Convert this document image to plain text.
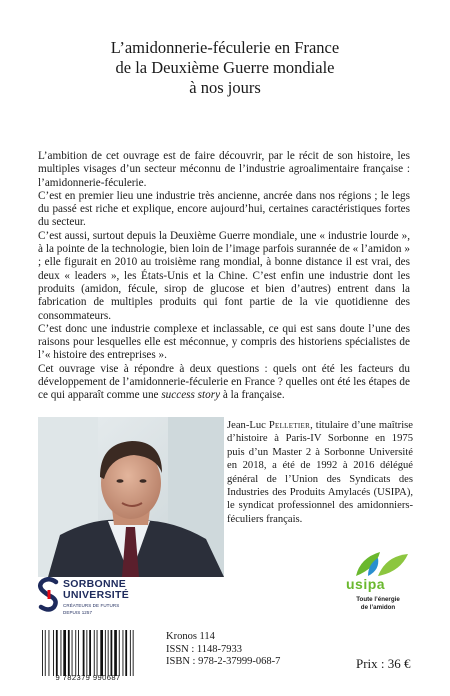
L’amidonnerie-féculerie en France
de la Deuxième Guerre mondiale
à nos jours

L’ambition de cet ouvrage est de faire découvrir, par le récit de son histoire, les multiples visages d’un secteur méconnu de l’industrie agroalimentaire française : l’amidonnerie-féculerie.

C’est en premier lieu une industrie très ancienne, ancrée dans nos régions ; le legs du passé est riche et explique, encore aujourd’hui, certaines caractéristiques fortes du secteur.

C’est aussi, surtout depuis la Deuxième Guerre mondiale, une « industrie lourde », à la pointe de la technologie, bien loin de l’image parfois surannée de « l’amidon » ; elle figurait en 2010 au troisième rang mondial, à bonne distance il est vrai, des deux « leaders », les États-Unis et la Chine. C’est enfin une industrie dont les produits (amidon, fécule, sirop de glucose et bien d’autres) entrent dans la fabrication de multiples produits qui font partie de la vie quotidienne des consommateurs.

C’est donc une industrie complexe et inclassable, ce qui est sans doute l’une des raisons pour lesquelles elle est méconnue, y compris des historiens spécialistes de l’« histoire des entreprises ».

Cet ouvrage vise à répondre à deux questions : quels ont été les facteurs du développement de l’amidonnerie-féculerie en France ? quelles ont été les étapes de ce qui apparaît comme une success story à la française.

Jean-Luc Pelletier, titulaire d’une maîtrise d’histoire à Paris-IV Sorbonne en 1975 puis d’un Master 2 à Sorbonne Université en 2018, a été de 1992 à 2016 délégué général de l’Union des Syndicats des Industries des Produits Amylacés (USIPA), le syndicat professionnel des amidonniers-féculiers français.
SORBONNE
UNIVERSITÉ
CRÉATEURS DE FUTURS
DEPUIS 1257
usipa
Toute l’énergie
de l’amidon
9 782379 990687
Kronos 114
ISSN : 1148-7933
ISBN : 978-2-37999-068-7	Prix : 36 €
